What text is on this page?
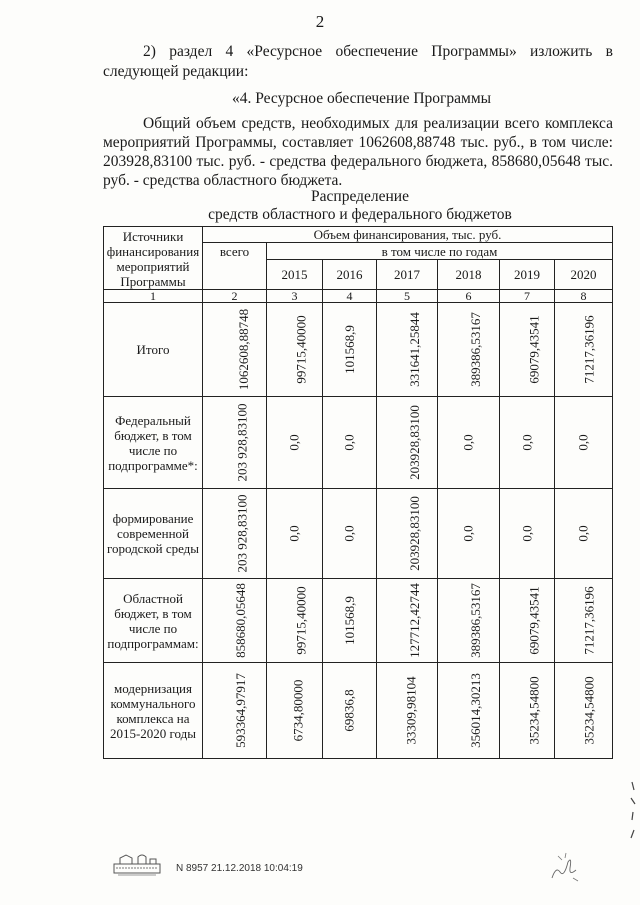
2
2) раздел 4 «Ресурсное обеспечение Программы» изложить в
следующей редакции:
«4. Ресурсное обеспечение Программы
Общий объем средств, необходимых для реализации всего комплекса
мероприятий Программы, составляет 1062608,88748 тыс. руб., в том числе:
203928,83100 тыс. руб. - средства федерального бюджета, 858680,05648 тыс.
руб. - средства областного бюджета.
Распределение
средств областного и федерального бюджетов
Источники финансирования мероприятий Программы	Объем финансирования, тыс. руб.						
	всего	в том числе по годам					
		2015	2016	2017	2018	2019	2020
1	2	3	4	5	6	7	8
Итого	1062608,88748	99715,40000	101568,9	331641,25844	389386,53167	69079,43541	71217,36196
Федеральный бюджет, в том числе по подпрограмме*:	203 928,83100	0,0	0,0	203928,83100	0,0	0,0	0,0
формирование современной городской среды	203 928,83100	0,0	0,0	203928,83100	0,0	0,0	0,0
Областной бюджет, в том числе по подпрограммам:	858680,05648	99715,40000	101568,9	127712,42744	389386,53167	69079,43541	71217,36196
модернизация коммунального комплекса на 2015-2020 годы	593364,97917	6734,80000	69836,8	33309,98104	356014,30213	35234,54800	35234,54800
N 8957 21.12.2018 10:04:19
